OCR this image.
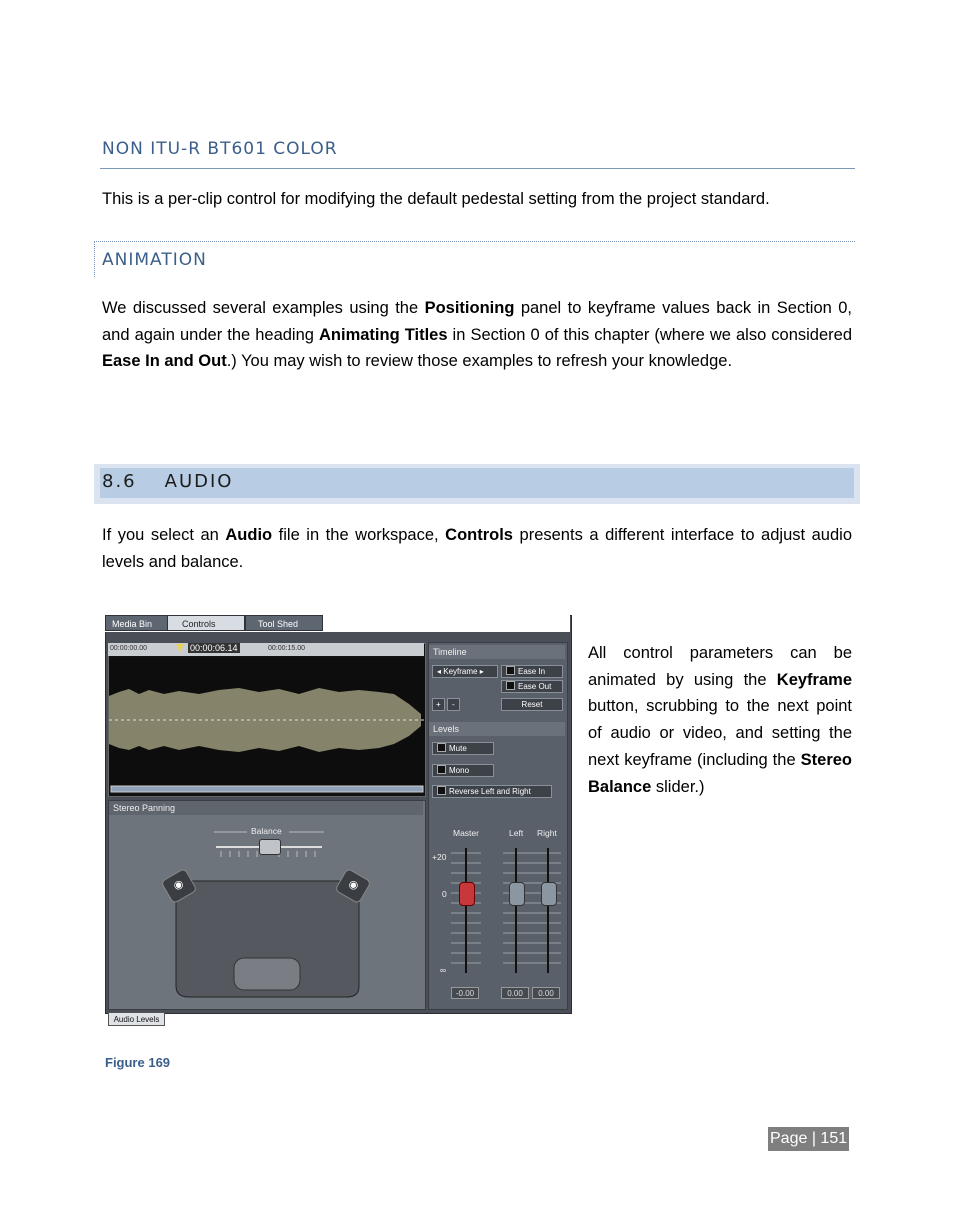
NON ITU-R BT601 COLOR
This is a per-clip control for modifying the default pedestal setting from the project standard.
ANIMATION
We discussed several examples using the Positioning panel to keyframe values back in Section 0, and again under the heading Animating Titles in Section 0 of this chapter (where we also considered Ease In and Out.) You may wish to review those examples to refresh your knowledge.
8.6 AUDIO
If you select an Audio file in the workspace, Controls presents a different interface to adjust audio levels and balance.
Media Bin	Controls	Tool Shed
00:00:00.00	00:00:06.14	00:00:15.00	Timeline
◂ Keyframe ▸	Ease In
Ease Out
Reset
+	-
Levels
Mute
Mono
Reverse Left and Right
Master	Left Right
+20
0
∞
-0.00	0.00	0.00
Stereo Panning
Balance
◉	◉
Audio Levels
All control parameters can be animated by using the Keyframe button, scrubbing to the next point of audio or video, and setting the next keyframe (including the Stereo Balance slider.)
Figure 169
Page | 151
